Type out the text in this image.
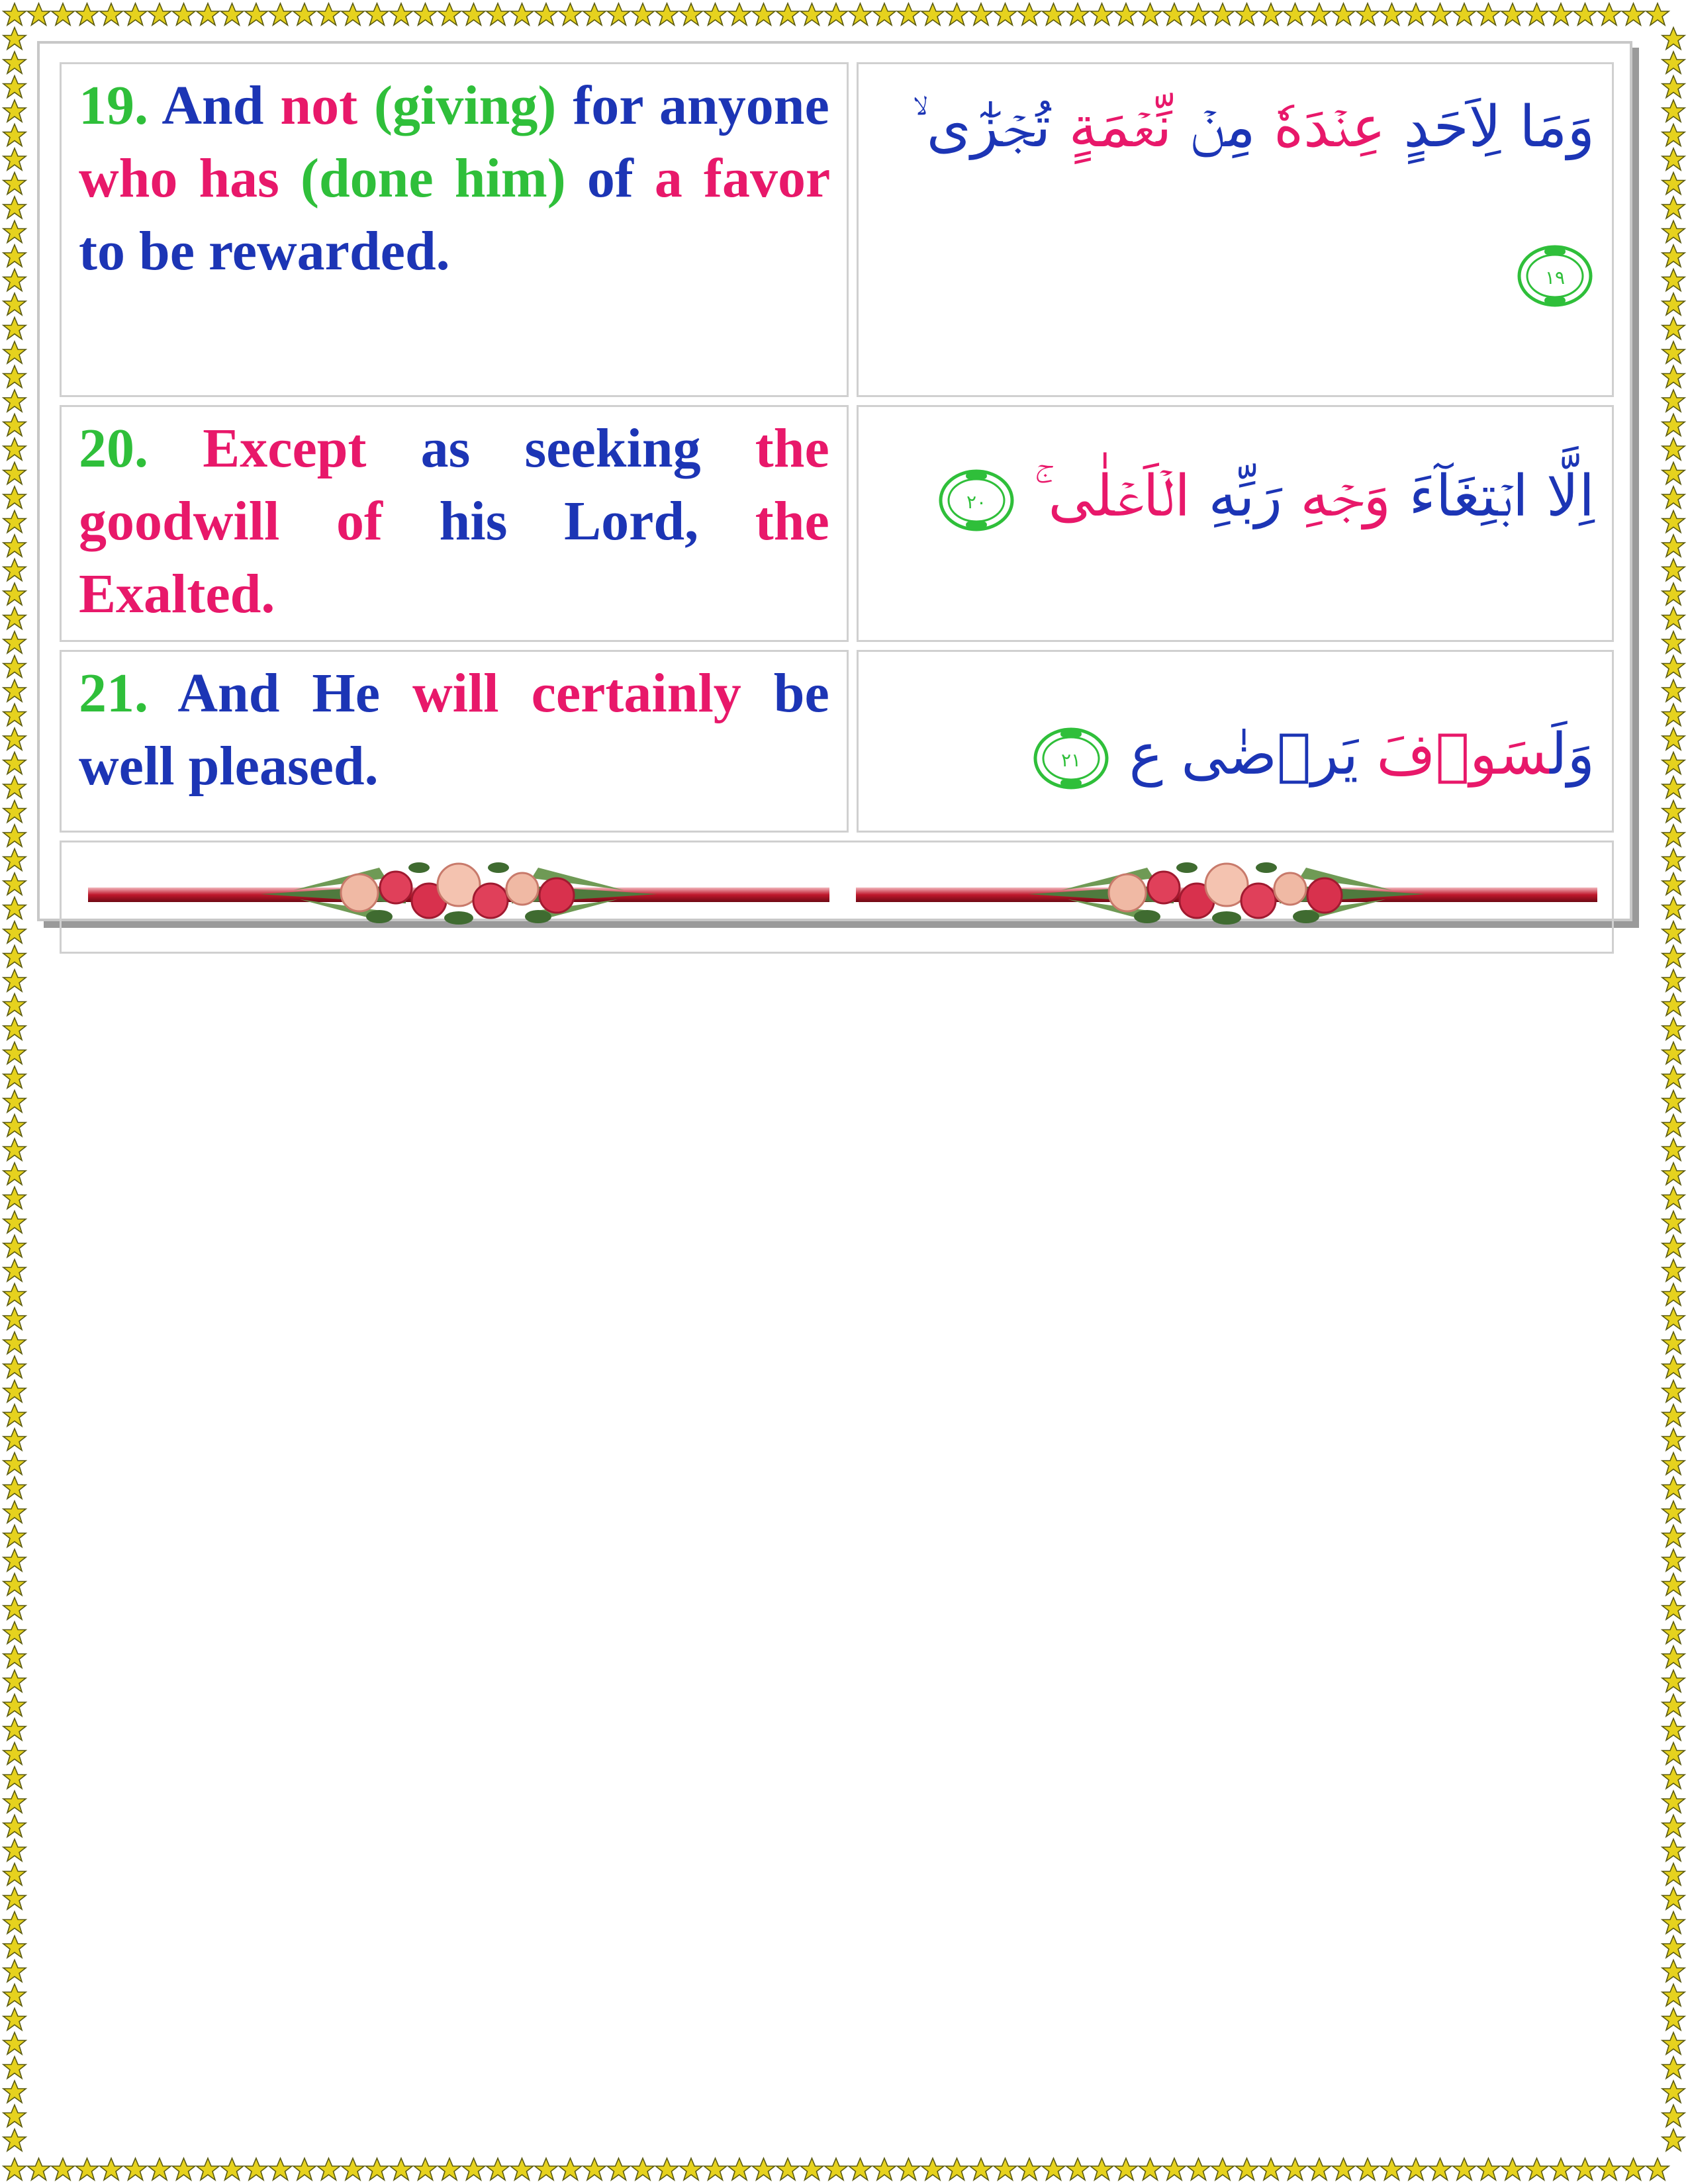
19. And not (giving) for anyone who has (done him) of a favor to be rewarded.	وَمَا لِاَحَدٍ عِنۡدَهٗ مِنۡ نِّعۡمَةٍ تُجۡزٰٓى ۙ
١٩

20. Except as seeking the goodwill of his Lord, the Exalted.	اِلَّا ابۡتِغَآءَ وَجۡهِ رَبِّهِ الۡاَعۡلٰى ۚ
٢٠

21. And He will certainly be well pleased.	وَلَسَوۡفَ يَرۡضٰى ع
٢١
